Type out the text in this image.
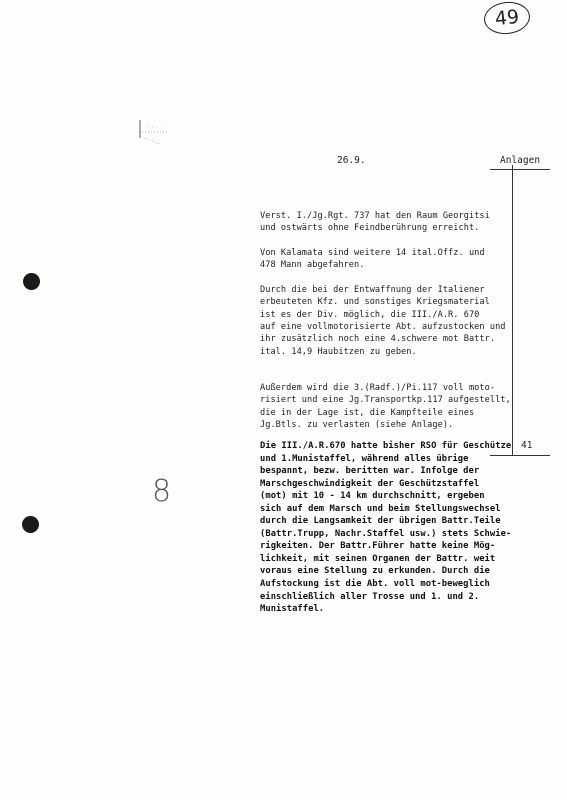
49
26.9.	Anlagen
41
8

Verst. I./Jg.Rgt. 737 hat den Raum Georgitsi
und ostwärts ohne Feindberührung erreicht.

Von Kalamata sind weitere 14 ital.Offz. und
478 Mann abgefahren.

Durch die bei der Entwaffnung der Italiener
erbeuteten Kfz. und sonstiges Kriegsmaterial
ist es der Div. möglich, die III./A.R. 670
auf eine vollmotorisierte Abt. aufzustocken und
ihr zusätzlich noch eine 4.schwere mot Battr.
ital. 14,9 Haubitzen zu geben.

Außerdem wird die 3.(Radf.)/Pi.117 voll moto-
risiert und eine Jg.Transportkp.117 aufgestellt,
die in der Lage ist, die Kampfteile eines
Jg.Btls. zu verlasten (siehe Anlage).

Die III./A.R.670 hatte bisher RSO für Geschütze
und 1.Munistaffel, während alles übrige
bespannt, bezw. beritten war. Infolge der
Marschgeschwindigkeit der Geschützstaffel
(mot) mit 10 - 14 km durchschnitt, ergeben
sich auf dem Marsch und beim Stellungswechsel
durch die Langsamkeit der übrigen Battr.Teile
(Battr.Trupp, Nachr.Staffel usw.) stets Schwie-
rigkeiten. Der Battr.Führer hatte keine Mög-
lichkeit, mit seinen Organen der Battr. weit
voraus eine Stellung zu erkunden. Durch die
Aufstockung ist die Abt. voll mot-beweglich
einschließlich aller Trosse und 1. und 2.
Munistaffel.
